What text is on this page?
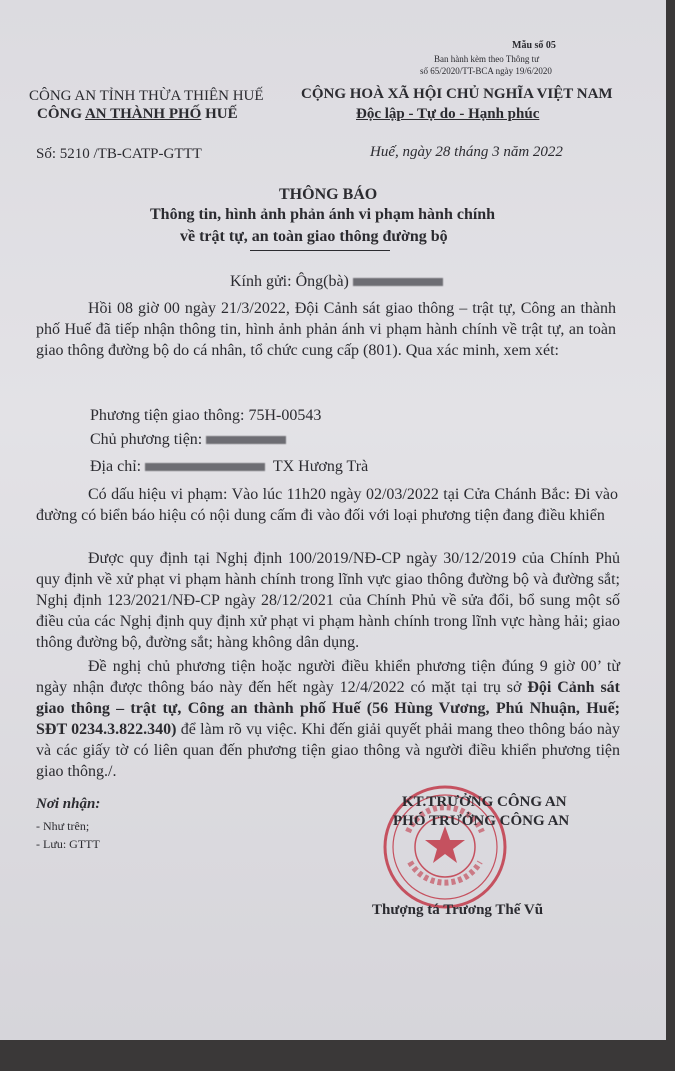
Mẫu số 05
Ban hành kèm theo Thông tư
số 65/2020/TT-BCA ngày 19/6/2020
CÔNG AN TỈNH THỪA THIÊN HUẾ
CÔNG AN THÀNH PHỐ HUẾ
Số: 5210 /TB-CATP-GTTT
CỘNG HOÀ XÃ HỘI CHỦ NGHĨA VIỆT NAM
Độc lập - Tự do - Hạnh phúc
Huế, ngày 28 tháng 3 năm 2022
THÔNG BÁO
Thông tin, hình ảnh phản ánh vi phạm hành chính
về trật tự, an toàn giao thông đường bộ
Kính gửi: Ông(bà)

Hồi 08 giờ 00 ngày 21/3/2022, Đội Cảnh sát giao thông – trật tự, Công an thành phố Huế đã tiếp nhận thông tin, hình ảnh phản ánh vi phạm hành chính về trật tự, an toàn giao thông đường bộ do cá nhân, tổ chức cung cấp (801). Qua xác minh, xem xét:

Phương tiện giao thông: 75H-00543
Chủ phương tiện:
Địa chỉ:	TX Hương Trà

Có dấu hiệu vi phạm: Vào lúc 11h20 ngày 02/03/2022 tại Cửa Chánh Bắc: Đi vào đường có biển báo hiệu có nội dung cấm đi vào đối với loại phương tiện đang điều khiển

Được quy định tại Nghị định 100/2019/NĐ-CP ngày 30/12/2019 của Chính Phủ quy định về xử phạt vi phạm hành chính trong lĩnh vực giao thông đường bộ và đường sắt; Nghị định 123/2021/NĐ-CP ngày 28/12/2021 của Chính Phủ về sửa đổi, bổ sung một số điều của các Nghị định quy định xử phạt vi phạm hành chính trong lĩnh vực hàng hải; giao thông đường bộ, đường sắt; hàng không dân dụng.

Đề nghị chủ phương tiện hoặc người điều khiển phương tiện đúng 9 giờ 00’ từ ngày nhận được thông báo này đến hết ngày 12/4/2022 có mặt tại trụ sở Đội Cảnh sát giao thông – trật tự, Công an thành phố Huế (56 Hùng Vương, Phú Nhuận, Huế; SĐT 0234.3.822.340) để làm rõ vụ việc. Khi đến giải quyết phải mang theo thông báo này và các giấy tờ có liên quan đến phương tiện giao thông và người điều khiển phương tiện giao thông./.

Nơi nhận:
- Như trên;
- Lưu: GTTT
KT.TRƯỞNG CÔNG AN
PHÓ TRƯỞNG CÔNG AN
Thượng tá Trương Thế Vũ
